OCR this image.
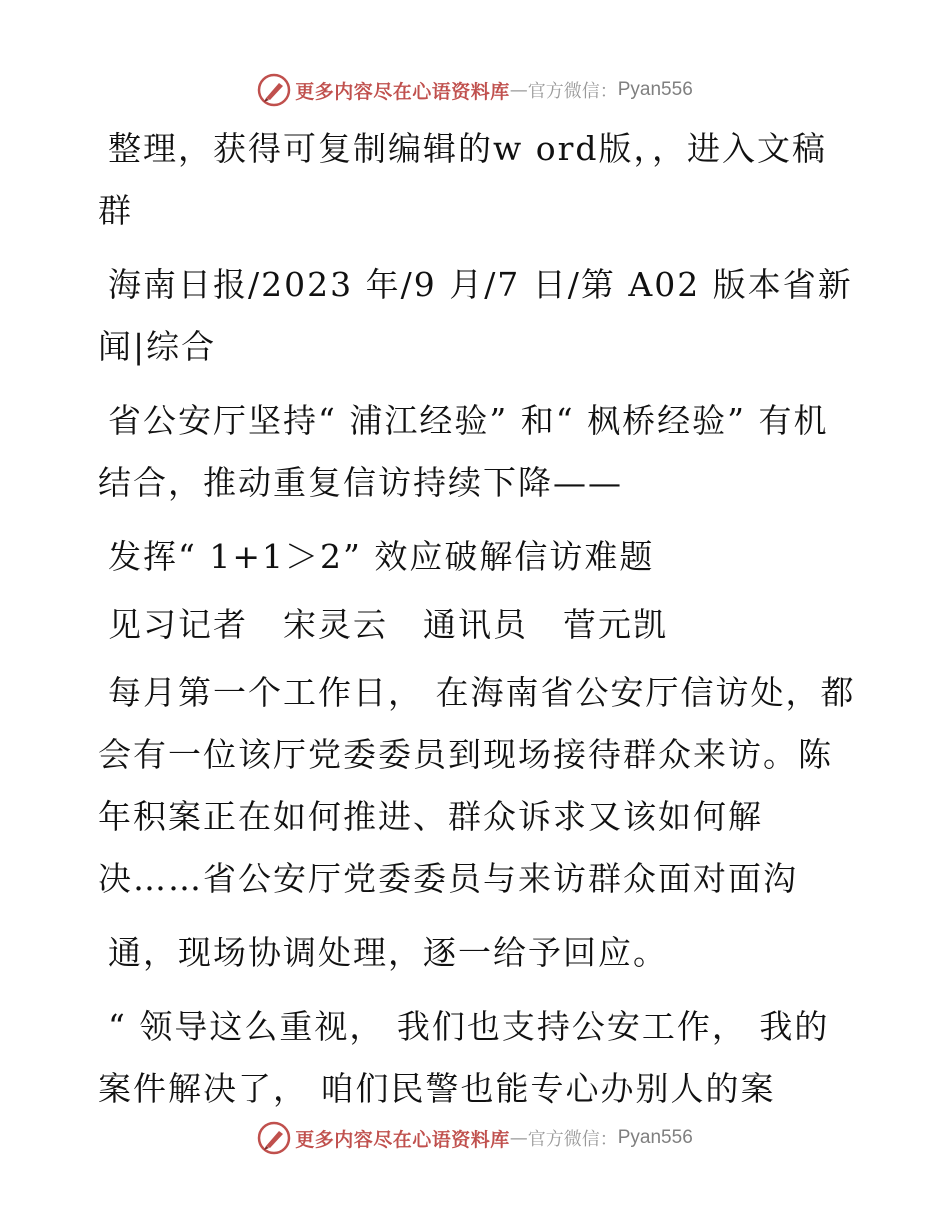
更多内容尽在心语资料库 — 官方微信： Pyan556

整理，获得可复制编辑的w ord版，，进入文稿群

海南日报/2023 年/9 月/7 日/第 A02 版本省新闻|综合

省公安厅坚持“ 浦江经验” 和“ 枫桥经验” 有机结合，推动重复信访持续下降——

发挥“ 1+1＞2” 效应破解信访难题

见习记者　宋灵云　通讯员　菅元凯

每月第一个工作日， 在海南省公安厅信访处，都会有一位该厅党委委员到现场接待群众来访。陈年积案正在如何推进、群众诉求又该如何解决……省公安厅党委委员与来访群众面对面沟

通，现场协调处理，逐一给予回应。

“ 领导这么重视， 我们也支持公安工作， 我的案件解决了， 咱们民警也能专心办别人的案

更多内容尽在心语资料库 — 官方微信： Pyan556
